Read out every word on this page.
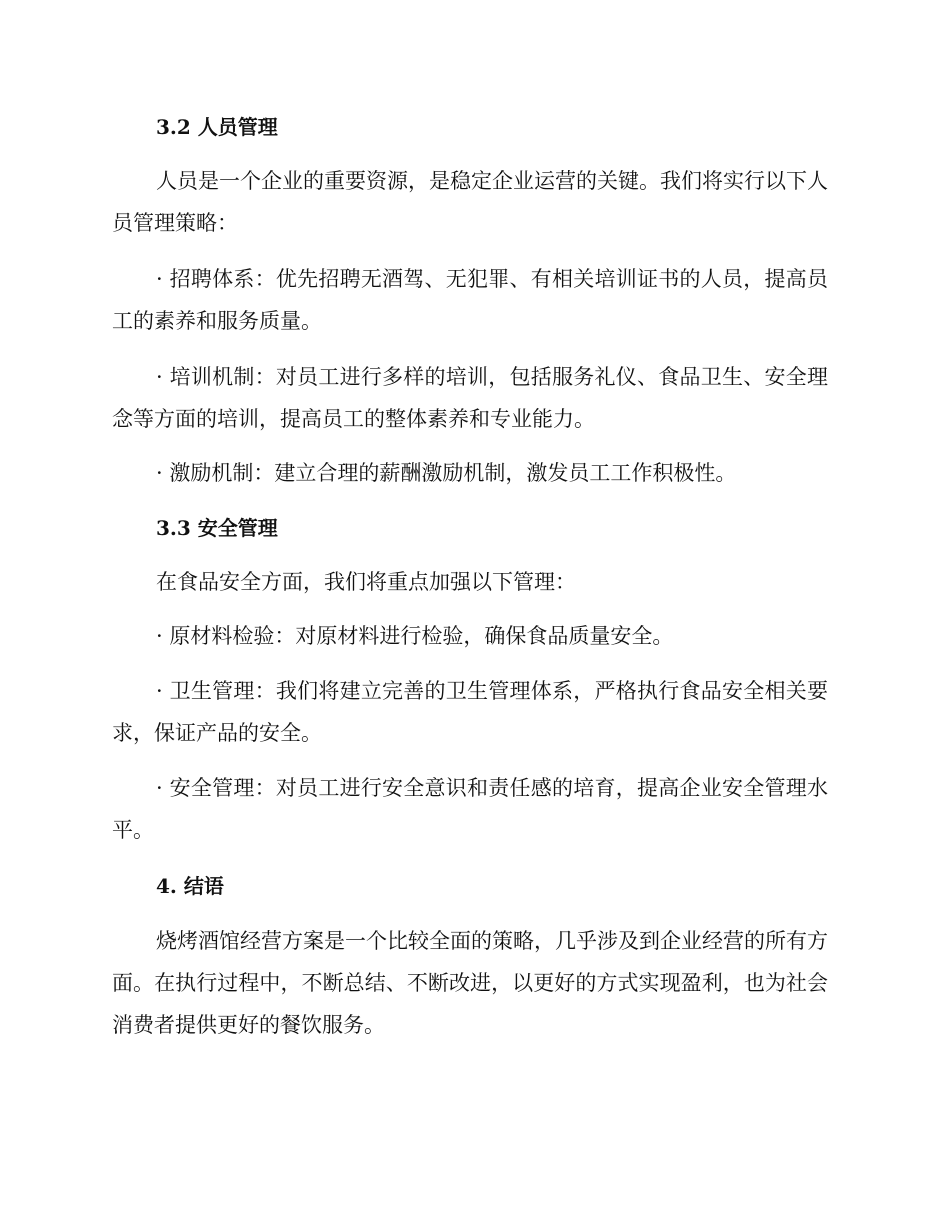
3.2 人员管理

人员是一个企业的重要资源，是稳定企业运营的关键。我们将实行以下人员管理策略：

· 招聘体系：优先招聘无酒驾、无犯罪、有相关培训证书的人员，提高员工的素养和服务质量。

· 培训机制：对员工进行多样的培训，包括服务礼仪、食品卫生、安全理念等方面的培训，提高员工的整体素养和专业能力。

· 激励机制：建立合理的薪酬激励机制，激发员工工作积极性。

3.3 安全管理

在食品安全方面，我们将重点加强以下管理：

· 原材料检验：对原材料进行检验，确保食品质量安全。

· 卫生管理：我们将建立完善的卫生管理体系，严格执行食品安全相关要求，保证产品的安全。

· 安全管理：对员工进行安全意识和责任感的培育，提高企业安全管理水平。

4. 结语

烧烤酒馆经营方案是一个比较全面的策略，几乎涉及到企业经营的所有方面。在执行过程中，不断总结、不断改进，以更好的方式实现盈利，也为社会消费者提供更好的餐饮服务。
